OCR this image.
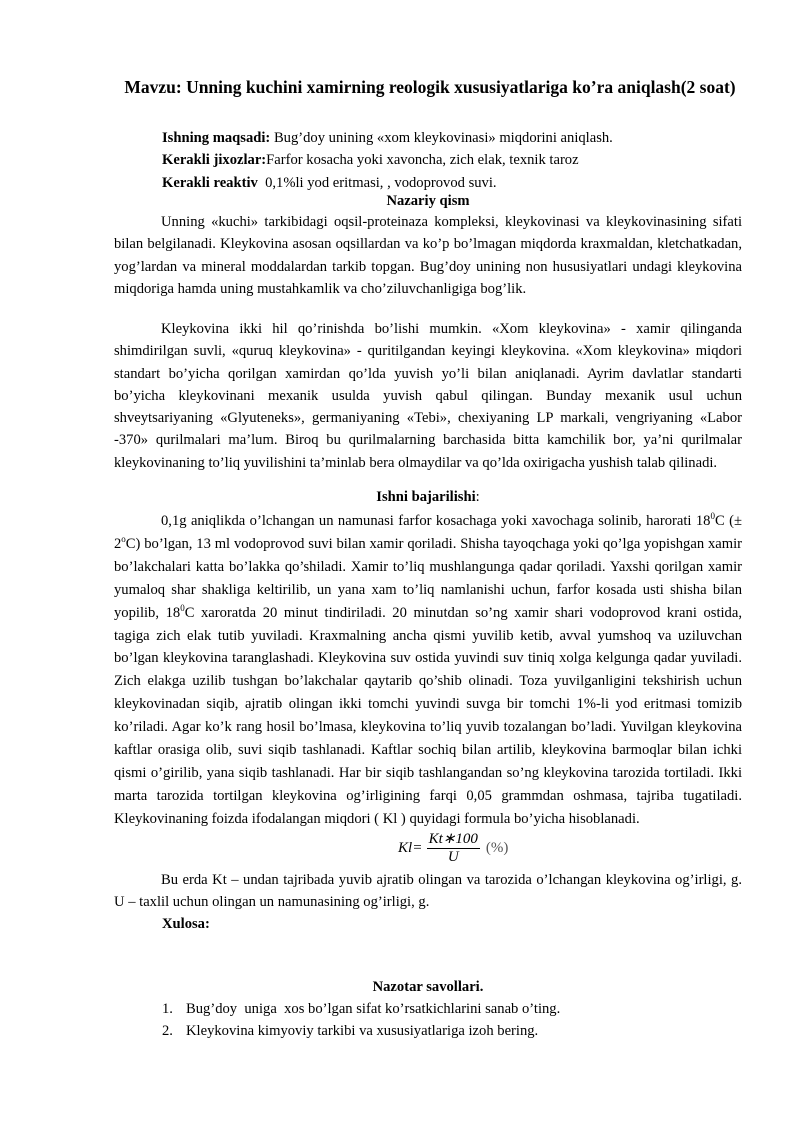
Mavzu: Unning kuchini xamirning reologik xususiyatlariga ko’ra aniqlash(2 soat)
Ishning maqsadi: Bug’doy unining «xom kleykovinasi» miqdorini aniqlash.
Kerakli jixozlar:Farfor kosacha yoki xavoncha, zich elak, texnik taroz
Kerakli reaktiv  0,1%li yod eritmasi, , vodoprovod suvi.
Nazariy qism
Unning «kuchi» tarkibidagi oqsil-proteinaza kompleksi, kleykovinasi va kleykovinasining sifati bilan belgilanadi. Kleykovina asosan oqsillardan va ko’p bo’lmagan miqdorda kraxmaldan, kletchatkadan, yog’lardan va mineral moddalardan tarkib topgan. Bug’doy unining non hususiyatlari undagi kleykovina miqdoriga hamda uning mustahkamlik va cho’ziluvchanligiga bog’lik.
Kleykovina ikki hil qo’rinishda bo’lishi mumkin. «Xom kleykovina» - xamir qilinganda shimdirilgan suvli, «quruq kleykovina» - quritilgandan keyingi kleykovina. «Xom kleykovina» miqdori standart bo’yicha qorilgan xamirdan qo’lda yuvish yo’li bilan aniqlanadi. Ayrim davlatlar standarti bo’yicha kleykovinani mexanik usulda yuvish qabul qilingan. Bunday mexanik usul uchun shveytsariyaning «Glyuteneks», germaniyaning «Tebi», chexiyaning LP markali, vengriyaning «Labor -370» qurilmalari ma’lum. Biroq bu qurilmalarning barchasida bitta kamchilik bor, ya’ni qurilmalar kleykovinaning to’liq yuvilishini ta’minlab bera olmaydilar va qo’lda oxirigacha yushish talab qilinadi.
Ishni bajarilishi:
0,1g aniqlikda o’lchangan un namunasi farfor kosachaga yoki xavochaga solinib, harorati $18^0C$ (± $2^oC$) bo’lgan, 13 ml vodoprovod suvi bilan xamir qoriladi. Shisha tayoqchaga yoki qo’lga yopishgan xamir bo’lakchalari katta bo’lakka qo’shiladi. Xamir to’liq mushlangunga qadar qoriladi. Yaxshi qorilgan xamir yumaloq shar shakliga keltirilib, un yana xam to’liq namlanishi uchun, farfor kosada usti shisha bilan yopilib, $18^0C$ xaroratda 20 minut tindiriladi. 20 minutdan so’ng xamir shari vodoprovod krani ostida, tagiga zich elak tutib yuviladi. Kraxmalning ancha qismi yuvilib ketib, avval yumshoq va uziluvchan bo’lgan kleykovina taranglashadi. Kleykovina suv ostida yuvindi suv tiniq xolga kelgunga qadar yuviladi. Zich elakga uzilib tushgan bo’lakchalar qaytarib qo’shib olinadi. Toza yuvilganligini tekshirish uchun kleykovinadan siqib, ajratib olingan ikki tomchi yuvindi suvga bir tomchi 1%-li yod eritmasi tomizib ko’riladi. Agar ko’k rang hosil bo’lmasa, kleykovina to’liq yuvib tozalangan bo’ladi. Yuvilgan kleykovina kaftlar orasiga olib, suvi siqib tashlanadi. Kaftlar sochiq bilan artilib, kleykovina barmoqlar bilan ichki qismi o’girilib, yana siqib tashlanadi. Har bir siqib tashlangandan so’ng kleykovina tarozida tortiladi. Ikki marta tarozida tortilgan kleykovina og’irligining farqi 0,05 grammdan oshmasa, tajriba tugatiladi. Kleykovinaning foizda ifodalangan miqdori ( Kl ) quyidagi formula bo’yicha hisoblanadi.
$Kl = \frac{Kt∗100}{U}$ (%)
Bu erda Kt – undan tajribada yuvib ajratib olingan va tarozida o’lchangan kleykovina og’irligi, g. U – taxlil uchun olingan un namunasining og’irligi, g.
Xulosa:
Nazotar savollari.
1. Bug’doy  uniga  xos bo’lgan sifat ko’rsatkichlarini sanab o’ting.
2. Kleykovina kimyoviy tarkibi va xususiyatlariga izoh bering.
